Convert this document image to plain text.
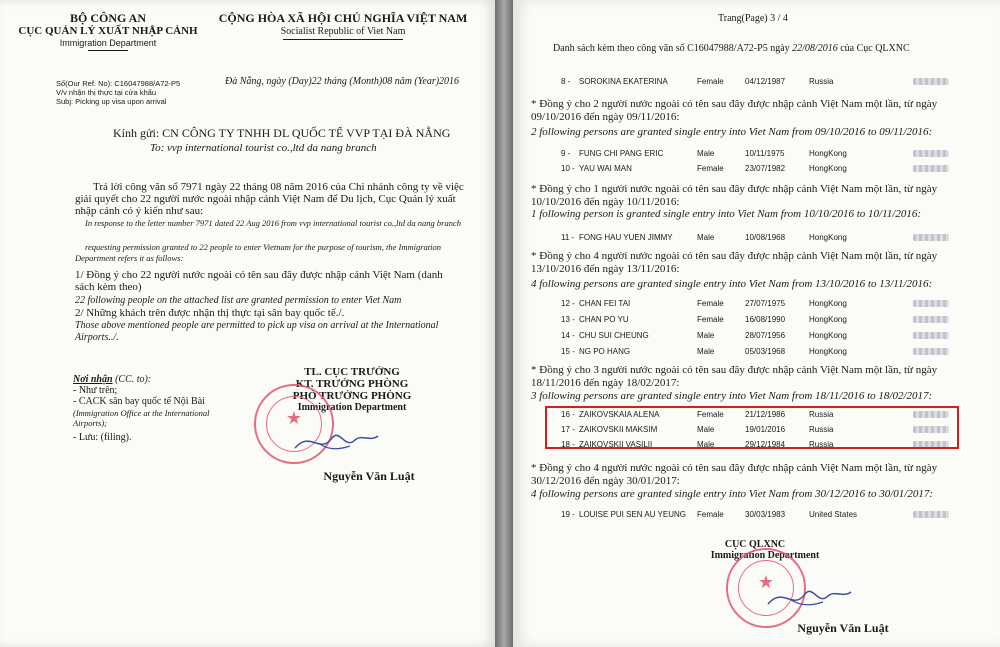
BỘ CÔNG AN
CỤC QUẢN LÝ XUẤT NHẬP CẢNH
Immigration Department
Số(Our Ref. No): C16047988/A72-P5
V/v nhận thị thực tại cửa khẩu
Subj: Picking up visa upon arrival
CỘNG HÒA XÃ HỘI CHỦ NGHĨA VIỆT NAM
Socialist Republic of Viet Nam
Đà Nẵng, ngày (Day)22 tháng (Month)08 năm (Year)2016
Kính gửi: CN CÔNG TY TNHH DL QUỐC TẾ VVP TẠI ĐÀ NẴNG
To: vvp international tourist co.,ltd da nang branch
Trả lời công văn số 7971 ngày 22 tháng 08 năm 2016 của Chi nhánh công ty về việc giải quyết cho 22 người nước ngoài nhập cảnh Việt Nam để Du lịch, Cục Quản lý xuất nhập cảnh có ý kiến như sau:
In response to the letter number 7971 dated 22 Aug 2016 from vvp international tourist co.,ltd da nang branch
requesting permission granted to 22 people to enter Vietnam for the purpose of tourism, the Immigration Department refers it as follows:
1/ Đồng ý cho 22 người nước ngoài có tên sau đây được nhập cảnh Việt Nam (danh sách kèm theo)
22 following people on the attached list are granted permission to enter Viet Nam
2/ Những khách trên được nhận thị thực tại sân bay quốc tế./.
Those above mentioned people are permitted to pick up visa on arrival at the International Airports../.
Nơi nhận (CC. to):
- Như trên;
- CACK sân bay quốc tế Nội Bài
(Immigration Office at the International Airports);
- Lưu: (filing).
TL. CỤC TRƯỞNG
KT. TRƯỞNG PHÒNG
PHÓ TRƯỞNG PHÒNG
Immigration Department
★
Nguyễn Văn Luật
Trang(Page) 3 / 4
Danh sách kèm theo công văn số C16047988/A72-P5 ngày 22/08/2016 của Cục QLXNC
8 - SOROKINA EKATERINA	Female	04/12/1987	Russia
* Đồng ý cho 2 người nước ngoài có tên sau đây được nhập cảnh Việt Nam một lần, từ ngày 09/10/2016 đến ngày 09/11/2016:
2 following persons are granted single entry into Viet Nam from 09/10/2016 to 09/11/2016:
9 - FUNG CHI PANG ERIC	Male	10/11/1975	HongKong
10 - YAU WAI MAN	Female	23/07/1982	HongKong
* Đồng ý cho 1 người nước ngoài có tên sau đây được nhập cảnh Việt Nam một lần, từ ngày 10/10/2016 đến ngày 10/11/2016:
1 following person is granted single entry into Viet Nam from 10/10/2016 to 10/11/2016:
11 - FONG HAU YUEN JIMMY	Male	10/08/1968	HongKong
* Đồng ý cho 4 người nước ngoài có tên sau đây được nhập cảnh Việt Nam một lần, từ ngày 13/10/2016 đến ngày 13/11/2016:
4 following persons are granted single entry into Viet Nam from 13/10/2016 to 13/11/2016:
12 - CHAN FEI TAI	Female	27/07/1975	HongKong
13 - CHAN PO YU	Female	16/08/1990	HongKong
14 - CHU SUI CHEUNG	Male	28/07/1956	HongKong
15 - NG PO HANG	Male	05/03/1968	HongKong
* Đồng ý cho 3 người nước ngoài có tên sau đây được nhập cảnh Việt Nam một lần, từ ngày 18/11/2016 đến ngày 18/02/2017:
3 following persons are granted single entry into Viet Nam from 18/11/2016 to 18/02/2017:
16 - ZAIKOVSKAIA ALENA	Female	21/12/1986	Russia
17 - ZAIKOVSKII MAKSIM	Male	19/01/2016	Russia
18 - ZAIKOVSKII VASILII	Male	29/12/1984	Russia
* Đồng ý cho 4 người nước ngoài có tên sau đây được nhập cảnh Việt Nam một lần, từ ngày 30/12/2016 đến ngày 30/01/2017:
4 following persons are granted single entry into Viet Nam from 30/12/2016 to 30/01/2017:
19 - LOUISE PUI SEN AU YEUNG Female	30/03/1983	United States
CỤC QLXNC
Immigration Department
★
Nguyễn Văn Luật
